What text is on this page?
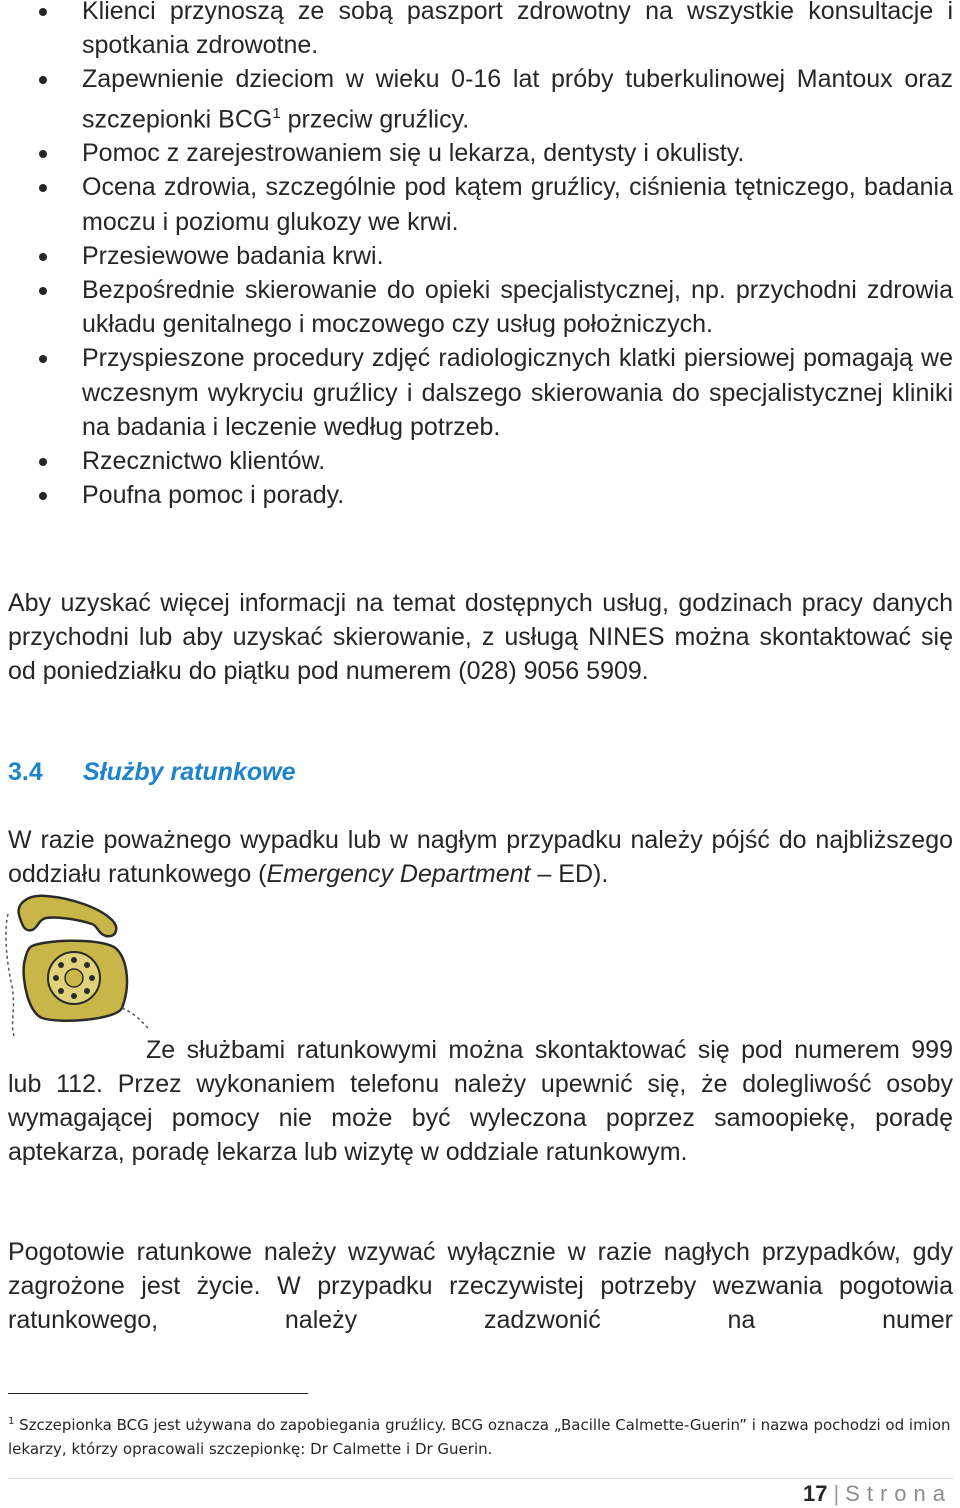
Klienci przynoszą ze sobą paszport zdrowotny na wszystkie konsultacje i spotkania zdrowotne.
Zapewnienie dzieciom w wieku 0-16 lat próby tuberkulinowej Mantoux oraz szczepionki BCG$^1$ przeciw gruźlicy.
Pomoc z zarejestrowaniem się u lekarza, dentysty i okulisty.
Ocena zdrowia, szczególnie pod kątem gruźlicy, ciśnienia tętniczego, badania moczu i poziomu glukozy we krwi.
Przesiewowe badania krwi.
Bezpośrednie skierowanie do opieki specjalistycznej, np. przychodni zdrowia układu genitalnego i moczowego czy usług położniczych.
Przyspieszone procedury zdjęć radiologicznych klatki piersiowej pomagają we wczesnym wykryciu gruźlicy i dalszego skierowania do specjalistycznej kliniki na badania i leczenie według potrzeb.
Rzecznictwo klientów.
Poufna pomoc i porady.

Aby uzyskać więcej informacji na temat dostępnych usług, godzinach pracy danych przychodni lub aby uzyskać skierowanie, z usługą NINES można skontaktować się od poniedziałku do piątku pod numerem (028) 9056 5909.

3.4 Służby ratunkowe

W razie poważnego wypadku lub w nagłym przypadku należy pójść do najbliższego oddziału ratunkowego (Emergency Department – ED).

Ze służbami ratunkowymi można skontaktować się pod numerem 999 lub 112. Przez wykonaniem telefonu należy upewnić się, że dolegliwość osoby wymagającej pomocy nie może być wyleczona poprzez samoopiekę, poradę aptekarza, poradę lekarza lub wizytę w oddziale ratunkowym.

Pogotowie ratunkowe należy wzywać wyłącznie w razie nagłych przypadków, gdy zagrożone jest życie. W przypadku rzeczywistej potrzeby wezwania pogotowia ratunkowego, należy zadzwonić na numer

$^1$ Szczepionka BCG jest używana do zapobiegania gruźlicy. BCG oznacza „Bacille Calmette-Guerin” i nazwa pochodzi od imion lekarzy, którzy opracowali szczepionkę: Dr Calmette i Dr Guerin.

17 | Strona
